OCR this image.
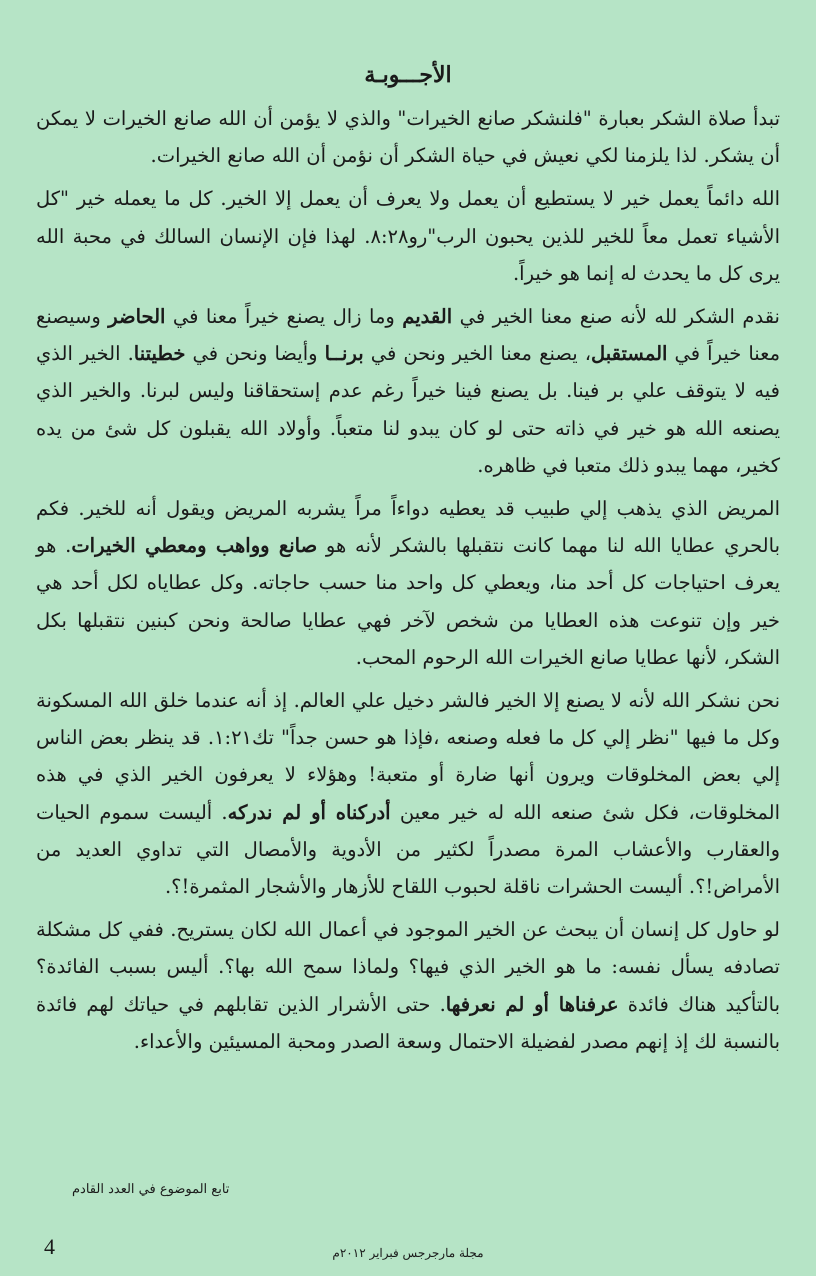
الأجـــوبـة

تبدأ صلاة الشكر بعبارة "فلنشكر صانع الخيرات" والذي لا يؤمن أن الله صانع الخيرات لا يمكن أن يشكر. لذا يلزمنا لكي نعيش في حياة الشكر أن نؤمن أن الله صانع الخيرات.

الله دائماً يعمل خير لا يستطيع أن يعمل ولا يعرف أن يعمل إلا الخير. كل ما يعمله خير "كل الأشياء تعمل معاً للخير للذين يحبون الرب"رو٨:٢٨. لهذا فإن الإنسان السالك في محبة الله يرى كل ما يحدث له إنما هو خيراً.

نقدم الشكر لله لأنه صنع معنا الخير في القديم وما زال يصنع خيراً معنا في الحاضر وسيصنع معنا خيراً في المستقبل، يصنع معنا الخير ونحن في برنــا وأيضا ونحن في خطيتنا. الخير الذي فيه لا يتوقف علي بر فينا. بل يصنع فينا خيراً رغم عدم إستحقاقنا وليس لبرنا. والخير الذي يصنعه الله هو خير في ذاته حتى لو كان يبدو لنا متعباً. وأولاد الله يقبلون كل شئ من يده كخير، مهما يبدو ذلك متعبا في ظاهره.

المريض الذي يذهب إلي طبيب قد يعطيه دواءاً مراً يشربه المريض ويقول أنه للخير. فكم بالحري عطايا الله لنا مهما كانت نتقبلها بالشكر لأنه هو صانع وواهب ومعطي الخيرات. هو يعرف احتياجات كل أحد منا، ويعطي كل واحد منا حسب حاجاته. وكل عطاياه لكل أحد هي خير وإن تنوعت هذه العطايا من شخص لآخر فهي عطايا صالحة ونحن كبنين نتقبلها بكل الشكر، لأنها عطايا صانع الخيرات الله الرحوم المحب.

نحن نشكر الله لأنه لا يصنع إلا الخير فالشر دخيل علي العالم. إذ أنه عندما خلق الله المسكونة وكل ما فيها "نظر إلي كل ما فعله وصنعه ،فإذا هو حسن جداً" تك١:٢١. قد ينظر بعض الناس إلي بعض المخلوقات ويرون أنها ضارة أو متعبة! وهؤلاء لا يعرفون الخير الذي في هذه المخلوقات، فكل شئ صنعه الله له خير معين أدركناه أو لم ندركه. أليست سموم الحيات والعقارب والأعشاب المرة مصدراً لكثير من الأدوية والأمصال التي تداوي العديد من الأمراض!؟. أليست الحشرات ناقلة لحبوب اللقاح للأزهار والأشجار المثمرة!؟.

لو حاول كل إنسان أن يبحث عن الخير الموجود في أعمال الله لكان يستريح. ففي كل مشكلة تصادفه يسأل نفسه: ما هو الخير الذي فيها؟ ولماذا سمح الله بها؟. أليس بسبب الفائدة؟ بالتأكيد هناك فائدة عرفناها أو لم نعرفها. حتى الأشرار الذين تقابلهم في حياتك لهم فائدة بالنسبة لك إذ إنهم مصدر لفضيلة الاحتمال وسعة الصدر ومحبة المسيئين والأعداء.

تابع الموضوع في العدد القادم
4	مجلة مارجرجس فبراير ٢٠١٢م
